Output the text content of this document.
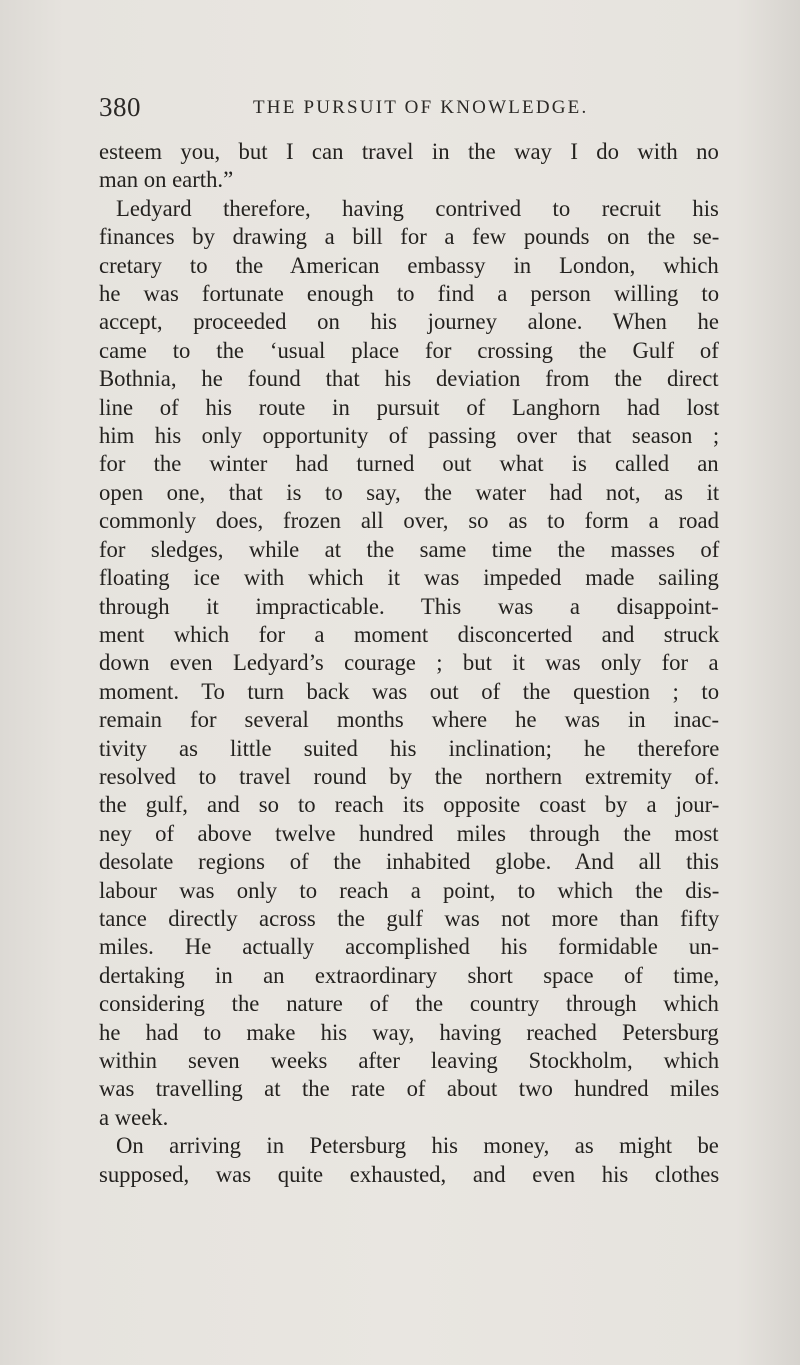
380	THE PURSUIT OF KNOWLEDGE.
esteem you, but I can travel in the way I do with no
man on earth.”
Ledyard therefore, having contrived to recruit his
finances by drawing a bill for a few pounds on the se-
cretary to the American embassy in London, which
he was fortunate enough to find a person willing to
accept, proceeded on his journey alone. When he
came to the ‘usual place for crossing the Gulf of
Bothnia, he found that his deviation from the direct
line of his route in pursuit of Langhorn had lost
him his only opportunity of passing over that season ;
for the winter had turned out what is called an
open one, that is to say, the water had not, as it
commonly does, frozen all over, so as to form a road
for sledges, while at the same time the masses of
floating ice with which it was impeded made sailing
through it impracticable. This was a disappoint-
ment which for a moment disconcerted and struck
down even Ledyard’s courage ; but it was only for a
moment. To turn back was out of the question ; to
remain for several months where he was in inac-
tivity as little suited his inclination; he therefore
resolved to travel round by the northern extremity of.
the gulf, and so to reach its opposite coast by a jour-
ney of above twelve hundred miles through the most
desolate regions of the inhabited globe. And all this
labour was only to reach a point, to which the dis-
tance directly across the gulf was not more than fifty
miles. He actually accomplished his formidable un-
dertaking in an extraordinary short space of time,
considering the nature of the country through which
he had to make his way, having reached Petersburg
within seven weeks after leaving Stockholm, which
was travelling at the rate of about two hundred miles
a week.
On arriving in Petersburg his money, as might be
supposed, was quite exhausted, and even his clothes
